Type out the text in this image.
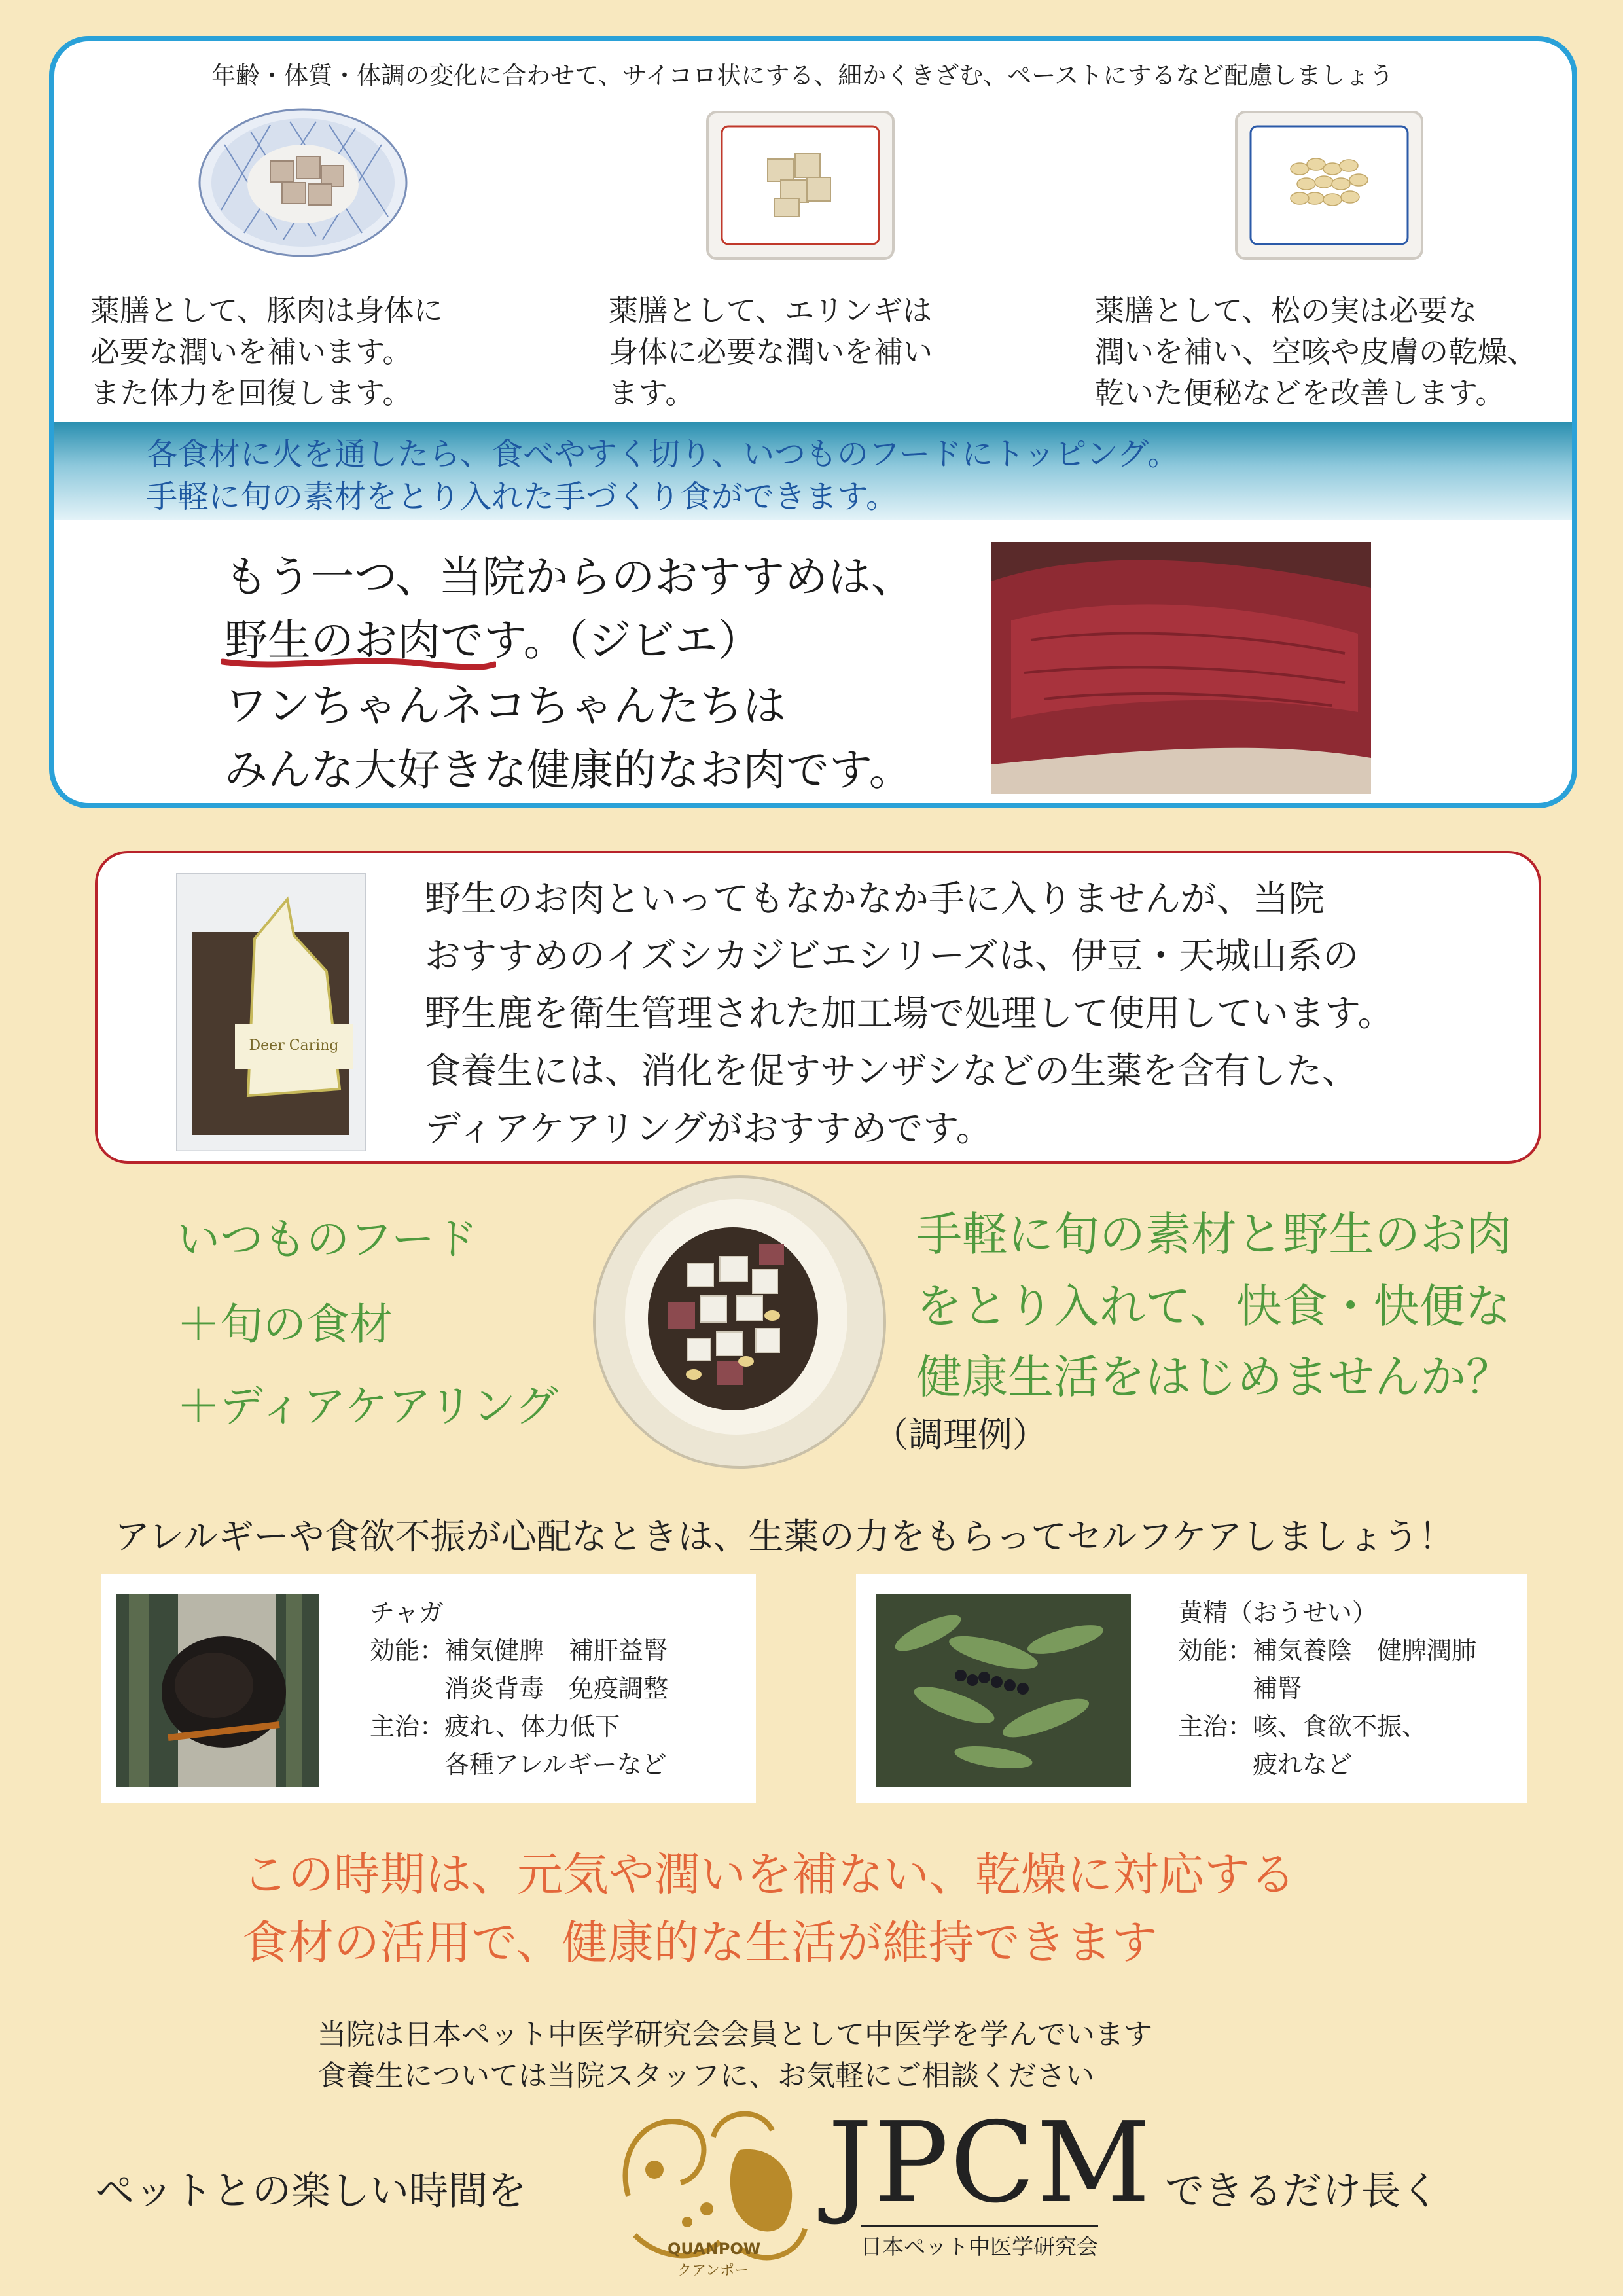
年齢・体質・体調の変化に合わせて、サイコロ状にする、細かくきざむ、ペーストにするなど配慮しましょう
薬膳として、豚肉は身体に
必要な潤いを補います。
また体力を回復します。
薬膳として、エリンギは
身体に必要な潤いを補い
ます。
薬膳として、松の実は必要な
潤いを補い、空咳や皮膚の乾燥、
乾いた便秘などを改善します。
各食材に火を通したら、食べやすく切り、いつものフードにトッピング。
手軽に旬の素材をとり入れた手づくり食ができます。
もう一つ、当院からのおすすめは、
野生のお肉です。（ジビエ）
ワンちゃんネコちゃんたちは
みんな大好きな健康的なお肉です。
Deer Caring
野生のお肉といってもなかなか手に入りませんが、当院
おすすめのイズシカジビエシリーズは、伊豆・天城山系の
野生鹿を衛生管理された加工場で処理して使用しています。
食養生には、消化を促すサンザシなどの生薬を含有した、
ディアケアリングがおすすめです。
いつものフード
＋旬の食材
＋ディアケアリング
手軽に旬の素材と野生のお肉
をとり入れて、快食・快便な
健康生活をはじめませんか？
（調理例）
アレルギーや食欲不振が心配なときは、生薬の力をもらってセルフケアしましょう！
チャガ
効能：補気健脾　補肝益腎
　　　消炎背毒　免疫調整
主治：疲れ、体力低下
　　　各種アレルギーなど
黄精（おうせい）
効能：補気養陰　健脾潤肺
　　　補腎
主治：咳、食欲不振、
　　　疲れなど
この時期は、元気や潤いを補ない、乾燥に対応する
食材の活用で、健康的な生活が維持できます
当院は日本ペット中医学研究会会員として中医学を学んでいます
食養生については当院スタッフに、お気軽にご相談ください
ペットとの楽しい時間を
QUANPOW
クアンポー
JPCM
日本ペット中医学研究会
できるだけ長く
